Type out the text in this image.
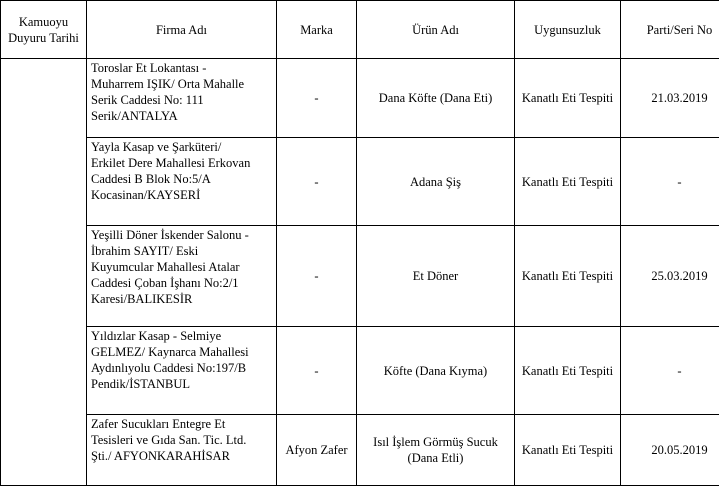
Kamuoyu Duyuru Tarihi	Firma Adı	Marka	Ürün Adı	Uygunsuzluk	Parti/Seri No

	Toroslar Et Lokantası -
Muharrem IŞIK/ Orta Mahalle
Serik Caddesi No: 111
Serik/ANTALYA	-	Dana Köfte (Dana Eti)	Kanatlı Eti Tespiti	21.03.2019

	Yayla Kasap ve Şarküteri/
Erkilet Dere Mahallesi Erkovan
Caddesi B Blok No:5/A
Kocasinan/KAYSERİ	-	Adana Şiş	Kanatlı Eti Tespiti	-

	Yeşilli Döner İskender Salonu -
İbrahim SAYIT/ Eski
Kuyumcular Mahallesi Atalar
Caddesi Çoban İşhanı No:2/1
Karesi/BALIKESİR	-	Et Döner	Kanatlı Eti Tespiti	25.03.2019

	Yıldızlar Kasap - Selmiye
GELMEZ/ Kaynarca Mahallesi
Aydınlıyolu Caddesi No:197/B
Pendik/İSTANBUL	-	Köfte (Dana Kıyma)	Kanatlı Eti Tespiti	-

	Zafer Sucukları Entegre Et
Tesisleri ve Gıda San. Tic. Ltd.
Şti./ AFYONKARAHİSAR	Afyon Zafer	Isıl İşlem Görmüş Sucuk (Dana Etli)	Kanatlı Eti Tespiti	20.05.2019
